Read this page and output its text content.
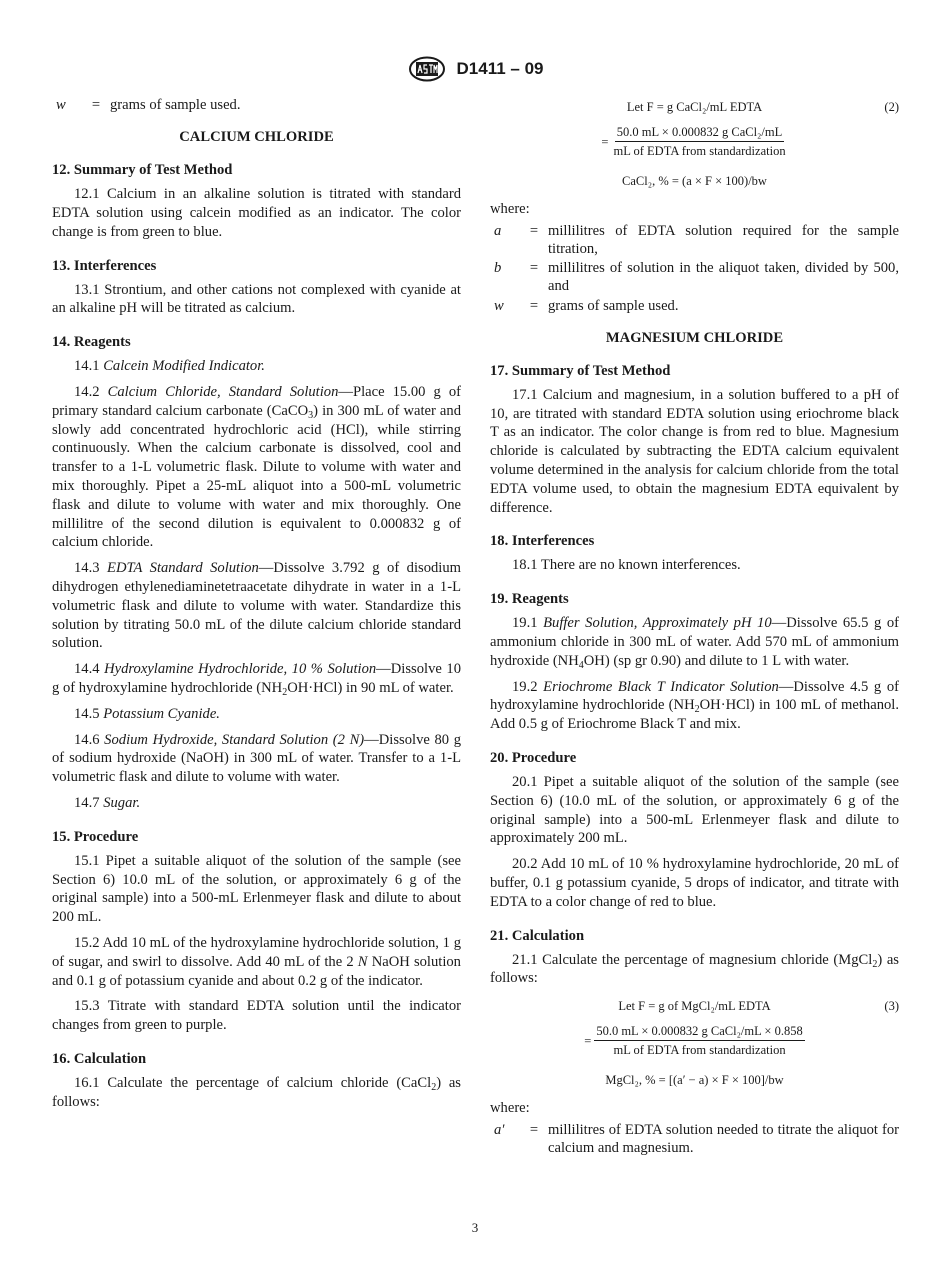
D1411 – 09
w	= grams of sample used.
CALCIUM CHLORIDE
12. Summary of Test Method

12.1 Calcium in an alkaline solution is titrated with standard EDTA solution using calcein modified as an indicator. The color change is from green to blue.

13. Interferences

13.1 Strontium, and other cations not complexed with cyanide at an alkaline pH will be titrated as calcium.

14. Reagents

14.1 Calcein Modified Indicator.

14.2 Calcium Chloride, Standard Solution—Place 15.00 g of primary standard calcium carbonate (CaCO$_3$) in 300 mL of water and slowly add concentrated hydrochloric acid (HCl), while stirring continuously. When the calcium carbonate is dissolved, cool and transfer to a 1-L volumetric flask. Dilute to volume with water and mix thoroughly. Pipet a 25-mL aliquot into a 500-mL volumetric flask and dilute to volume with water and mix thoroughly. One millilitre of the second dilution is equivalent to 0.000832 g of calcium chloride.

14.3 EDTA Standard Solution—Dissolve 3.792 g of disodium dihydrogen ethylenediaminetetraacetate dihydrate in water in a 1-L volumetric flask and dilute to volume with water. Standardize this solution by titrating 50.0 mL of the dilute calcium chloride standard solution.

14.4 Hydroxylamine Hydrochloride, 10 % Solution—Dissolve 10 g of hydroxylamine hydrochloride $(NH_2OH\cdot HCl)$ in 90 mL of water.

14.5 Potassium Cyanide.

14.6 Sodium Hydroxide, Standard Solution (2 N)—Dissolve 80 g of sodium hydroxide (NaOH) in 300 mL of water. Transfer to a 1-L volumetric flask and dilute to volume with water.

14.7 Sugar.

15. Procedure

15.1 Pipet a suitable aliquot of the solution of the sample (see Section 6) 10.0 mL of the solution, or approximately 6 g of the original sample) into a 500-mL Erlenmeyer flask and dilute to about 200 mL.

15.2 Add 10 mL of the hydroxylamine hydrochloride solution, 1 g of sugar, and swirl to dissolve. Add 40 mL of the 2 N NaOH solution and 0.1 g of potassium cyanide and about 0.2 g of the indicator.

15.3 Titrate with standard EDTA solution until the indicator changes from green to purple.

16. Calculation

16.1 Calculate the percentage of calcium chloride (CaCl$_2$) as follows:

Let F = g CaCl₂/mL EDTA	(2)
=
50.0 mL × 0.000832 g CaCl₂/mL
mL of EDTA from standardization
CaCl₂, % = (a × F × 100)/bw

where:

a	= millilitres of EDTA solution required for the sample titration,
b	= millilitres of solution in the aliquot taken, divided by 500, and
w	= grams of sample used.
MAGNESIUM CHLORIDE
17. Summary of Test Method

17.1 Calcium and magnesium, in a solution buffered to a pH of 10, are titrated with standard EDTA solution using eriochrome black T as an indicator. The color change is from red to blue. Magnesium chloride is calculated by subtracting the EDTA calcium equivalent volume determined in the analysis for calcium chloride from the total EDTA volume used, to obtain the magnesium EDTA equivalent by difference.

18. Interferences

18.1 There are no known interferences.

19. Reagents

19.1 Buffer Solution, Approximately pH 10—Dissolve 65.5 g of ammonium chloride in 300 mL of water. Add 570 mL of ammonium hydroxide $(NH_4OH)$ (sp gr 0.90) and dilute to 1 L with water.

19.2 Eriochrome Black T Indicator Solution—Dissolve 4.5 g of hydroxylamine hydrochloride $(NH_2OH\cdot HCl)$ in 100 mL of methanol. Add 0.5 g of Eriochrome Black T and mix.

20. Procedure

20.1 Pipet a suitable aliquot of the solution of the sample (see Section 6) (10.0 mL of the solution, or approximately 6 g of the original sample) into a 500-mL Erlenmeyer flask and dilute to approximately 200 mL.

20.2 Add 10 mL of 10 % hydroxylamine hydrochloride, 20 mL of buffer, 0.1 g potassium cyanide, 5 drops of indicator, and titrate with EDTA to a color change of red to blue.

21. Calculation

21.1 Calculate the percentage of magnesium chloride (MgCl$_2$) as follows:

Let F = g of MgCl₂/mL EDTA	(3)
=
50.0 mL × 0.000832 g CaCl₂/mL × 0.858
mL of EDTA from standardization
MgCl₂, % = [(a′ − a) × F × 100]/bw

where:

a′	= millilitres of EDTA solution needed to titrate the aliquot for calcium and magnesium.
3
